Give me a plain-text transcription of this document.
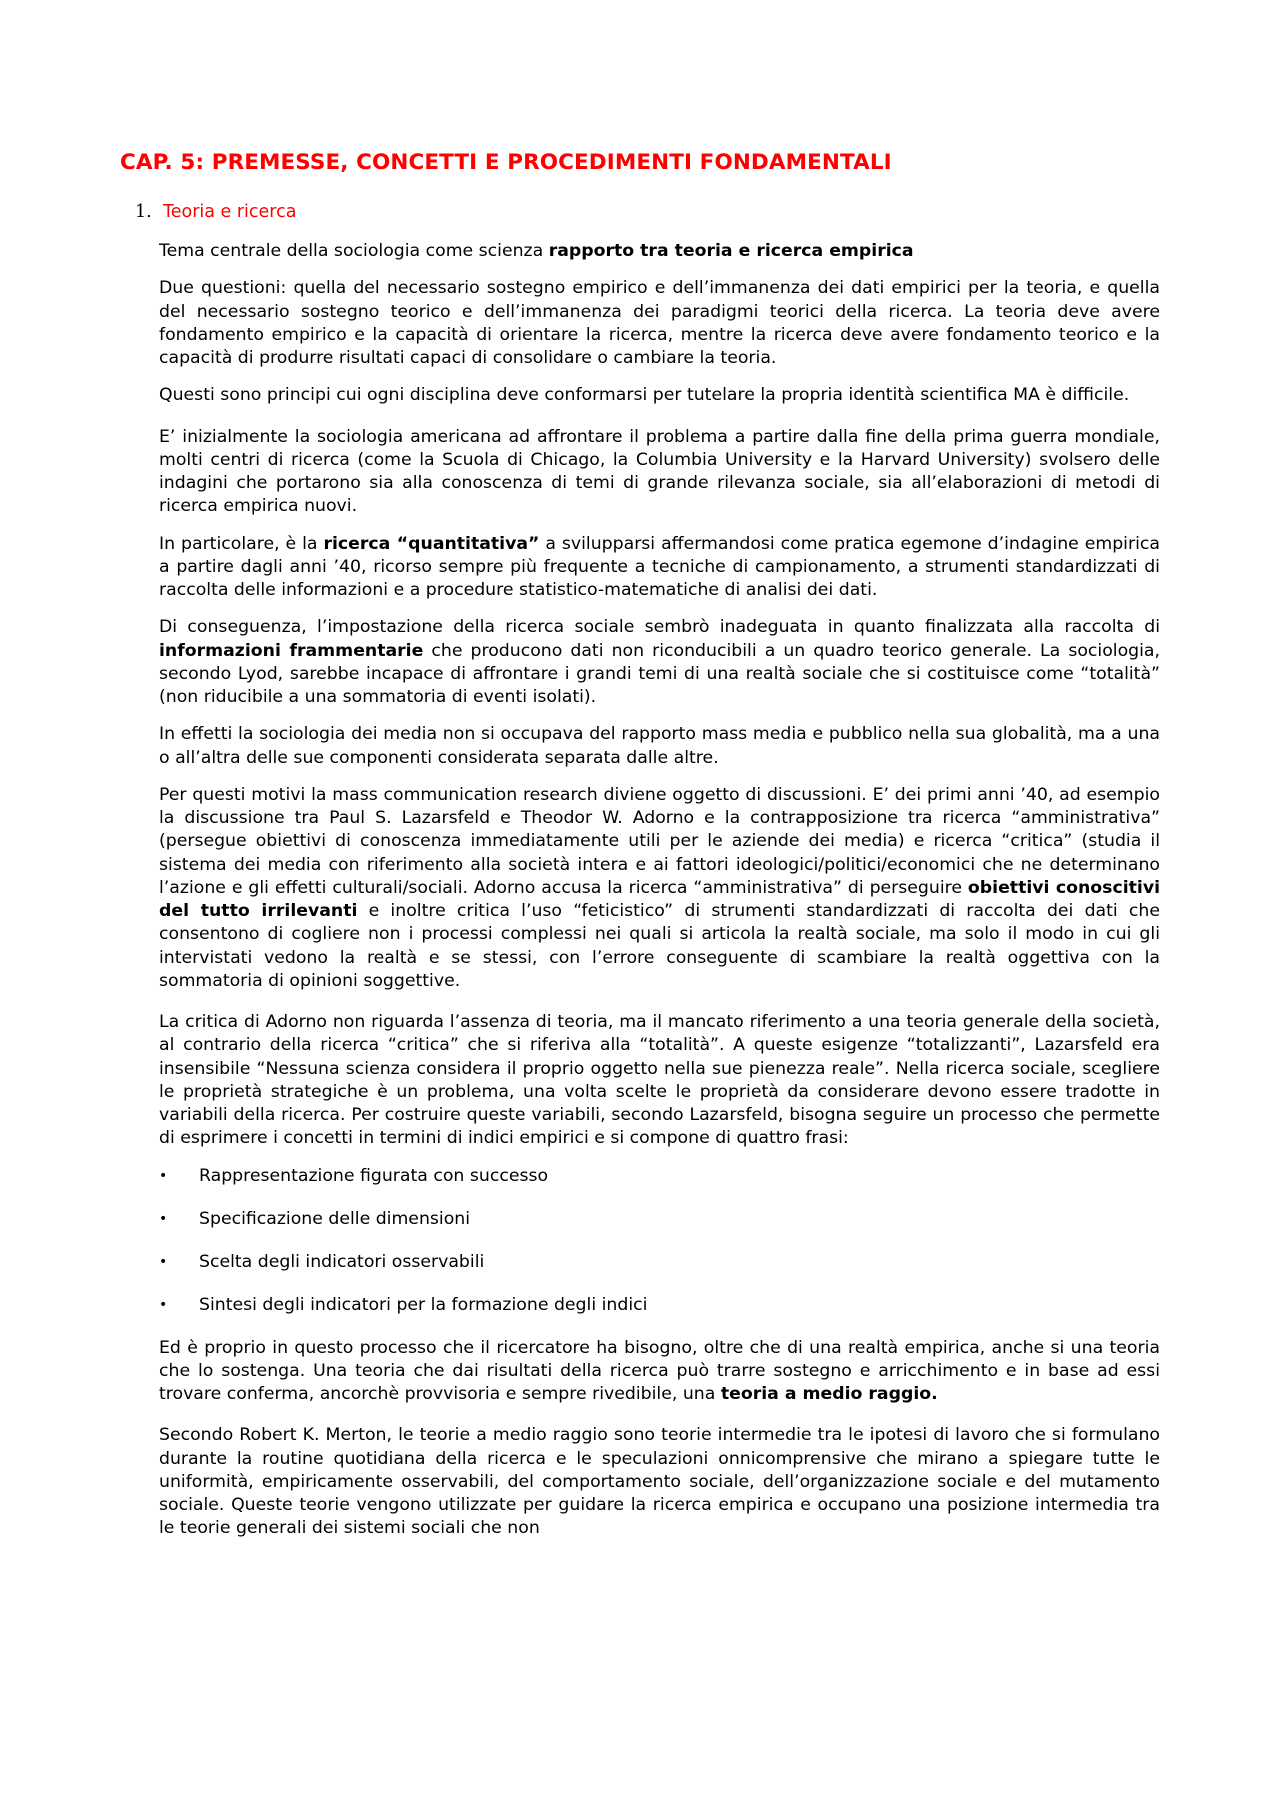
CAP. 5: PREMESSE, CONCETTI E PROCEDIMENTI FONDAMENTALI
1. Teoria e ricerca

Tema centrale della sociologia come scienza rapporto tra teoria e ricerca empirica

Due questioni: quella del necessario sostegno empirico e dell’immanenza dei dati empirici per la teoria, e quella del necessario sostegno teorico e dell’immanenza dei paradigmi teorici della ricerca. La teoria deve avere fondamento empirico e la capacità di orientare la ricerca, mentre la ricerca deve avere fondamento teorico e la capacità di produrre risultati capaci di consolidare o cambiare la teoria.

Questi sono principi cui ogni disciplina deve conformarsi per tutelare la propria identità scientifica MA è difficile.

E’ inizialmente la sociologia americana ad affrontare il problema a partire dalla fine della prima guerra mondiale, molti centri di ricerca (come la Scuola di Chicago, la Columbia University e la Harvard University) svolsero delle indagini che portarono sia alla conoscenza di temi di grande rilevanza sociale, sia all’elaborazioni di metodi di ricerca empirica nuovi.

In particolare, è la ricerca “quantitativa” a svilupparsi affermandosi come pratica egemone d’indagine empirica a partire dagli anni ’40, ricorso sempre più frequente a tecniche di campionamento, a strumenti standardizzati di raccolta delle informazioni e a procedure statistico-matematiche di analisi dei dati.

Di conseguenza, l’impostazione della ricerca sociale sembrò inadeguata in quanto finalizzata alla raccolta di informazioni frammentarie che producono dati non riconducibili a un quadro teorico generale. La sociologia, secondo Lyod, sarebbe incapace di affrontare i grandi temi di una realtà sociale che si costituisce come “totalità” (non riducibile a una sommatoria di eventi isolati).

In effetti la sociologia dei media non si occupava del rapporto mass media e pubblico nella sua globalità, ma a una o all’altra delle sue componenti considerata separata dalle altre.

Per questi motivi la mass communication research diviene oggetto di discussioni. E’ dei primi anni ’40, ad esempio la discussione tra Paul S. Lazarsfeld e Theodor W. Adorno e la contrapposizione tra ricerca “amministrativa” (persegue obiettivi di conoscenza immediatamente utili per le aziende dei media) e ricerca “critica” (studia il sistema dei media con riferimento alla società intera e ai fattori ideologici/politici/economici che ne determinano l’azione e gli effetti culturali/sociali. Adorno accusa la ricerca “amministrativa” di perseguire obiettivi conoscitivi del tutto irrilevanti e inoltre critica l’uso “feticistico” di strumenti standardizzati di raccolta dei dati che consentono di cogliere non i processi complessi nei quali si articola la realtà sociale, ma solo il modo in cui gli intervistati vedono la realtà e se stessi, con l’errore conseguente di scambiare la realtà oggettiva con la sommatoria di opinioni soggettive.

La critica di Adorno non riguarda l’assenza di teoria, ma il mancato riferimento a una teoria generale della società, al contrario della ricerca “critica” che si riferiva alla “totalità”. A queste esigenze “totalizzanti”, Lazarsfeld era insensibile “Nessuna scienza considera il proprio oggetto nella sue pienezza reale”. Nella ricerca sociale, scegliere le proprietà strategiche è un problema, una volta scelte le proprietà da considerare devono essere tradotte in variabili della ricerca. Per costruire queste variabili, secondo Lazarsfeld, bisogna seguire un processo che permette di esprimere i concetti in termini di indici empirici e si compone di quattro frasi:

• Rappresentazione figurata con successo
• Specificazione delle dimensioni
• Scelta degli indicatori osservabili
• Sintesi degli indicatori per la formazione degli indici

Ed è proprio in questo processo che il ricercatore ha bisogno, oltre che di una realtà empirica, anche si una teoria che lo sostenga. Una teoria che dai risultati della ricerca può trarre sostegno e arricchimento e in base ad essi trovare conferma, ancorchè provvisoria e sempre rivedibile, una teoria a medio raggio.

Secondo Robert K. Merton, le teorie a medio raggio sono teorie intermedie tra le ipotesi di lavoro che si formulano durante la routine quotidiana della ricerca e le speculazioni onnicomprensive che mirano a spiegare tutte le uniformità, empiricamente osservabili, del comportamento sociale, dell’organizzazione sociale e del mutamento sociale. Queste teorie vengono utilizzate per guidare la ricerca empirica e occupano una posizione intermedia tra le teorie generali dei sistemi sociali che non
